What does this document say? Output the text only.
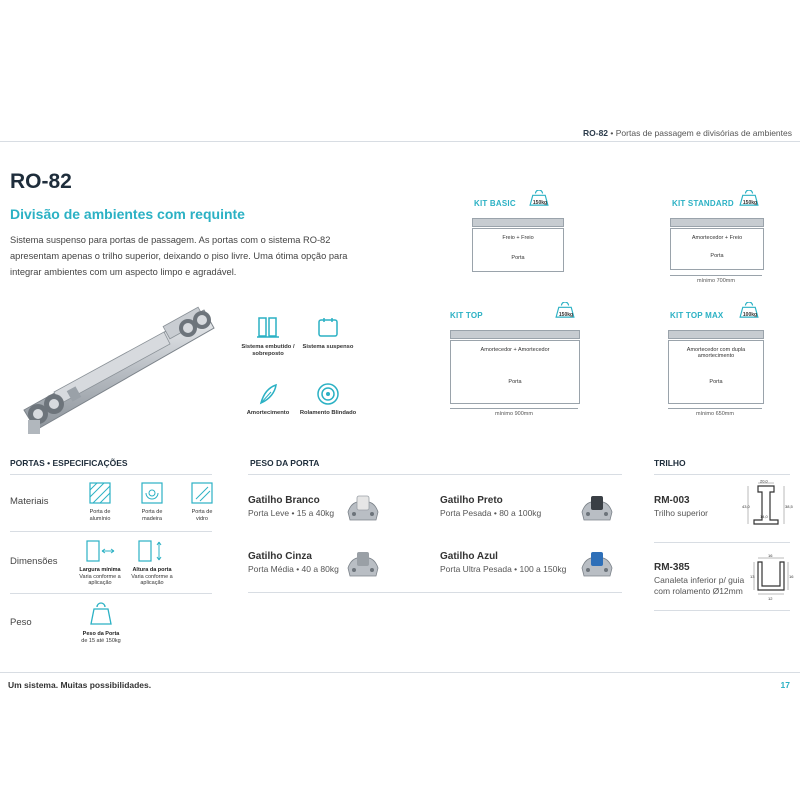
RO-82 • Portas de passagem e divisórias de ambientes
RO-82
Divisão de ambientes com requinte
Sistema suspenso para portas de passagem. As portas com o sistema RO-82 apresentam apenas o trilho superior, deixando o piso livre. Uma ótima opção para integrar ambientes com um aspecto limpo e agradável.
Sistema embutido / sobreposto
Sistema suspenso
Amortecimento	Rolamento Blindado
KIT BASIC	150kg
Freio + Freio
Porta
KIT STANDARD	150kg
Amortecedor + Freio
Porta
mínimo 700mm
KIT TOP	150kg
Amortecedor + Amortecedor
Porta
mínimo 900mm
KIT TOP MAX	100kg
Amortecedor com dupla amortecimento
Porta
mínimo 650mm
PORTAS • ESPECIFICAÇÕES
Materiais
Porta de alumínio
Porta de madeira
Porta de vidro
Dimensões
Largura mínima
Varia conforme a aplicação
Altura da porta
Varia conforme a aplicação
Peso
Peso da Porta
de 15 até 150kg
PESO DA PORTA
Gatilho Branco
Porta Leve • 15 a 40kg
Gatilho Preto
Porta Pesada • 80 a 100kg
Gatilho Cinza
Porta Média • 40 a 80kg
Gatilho Azul
Porta Ultra Pesada • 100 a 150kg
TRILHO
RM-003
Trilho superior
20,0
43,0
14,0
38,5
RM-385
Canaleta inferior p/ guia com rolamento Ø12mm
16
13
12
16
Um sistema. Muitas possibilidades.	17
